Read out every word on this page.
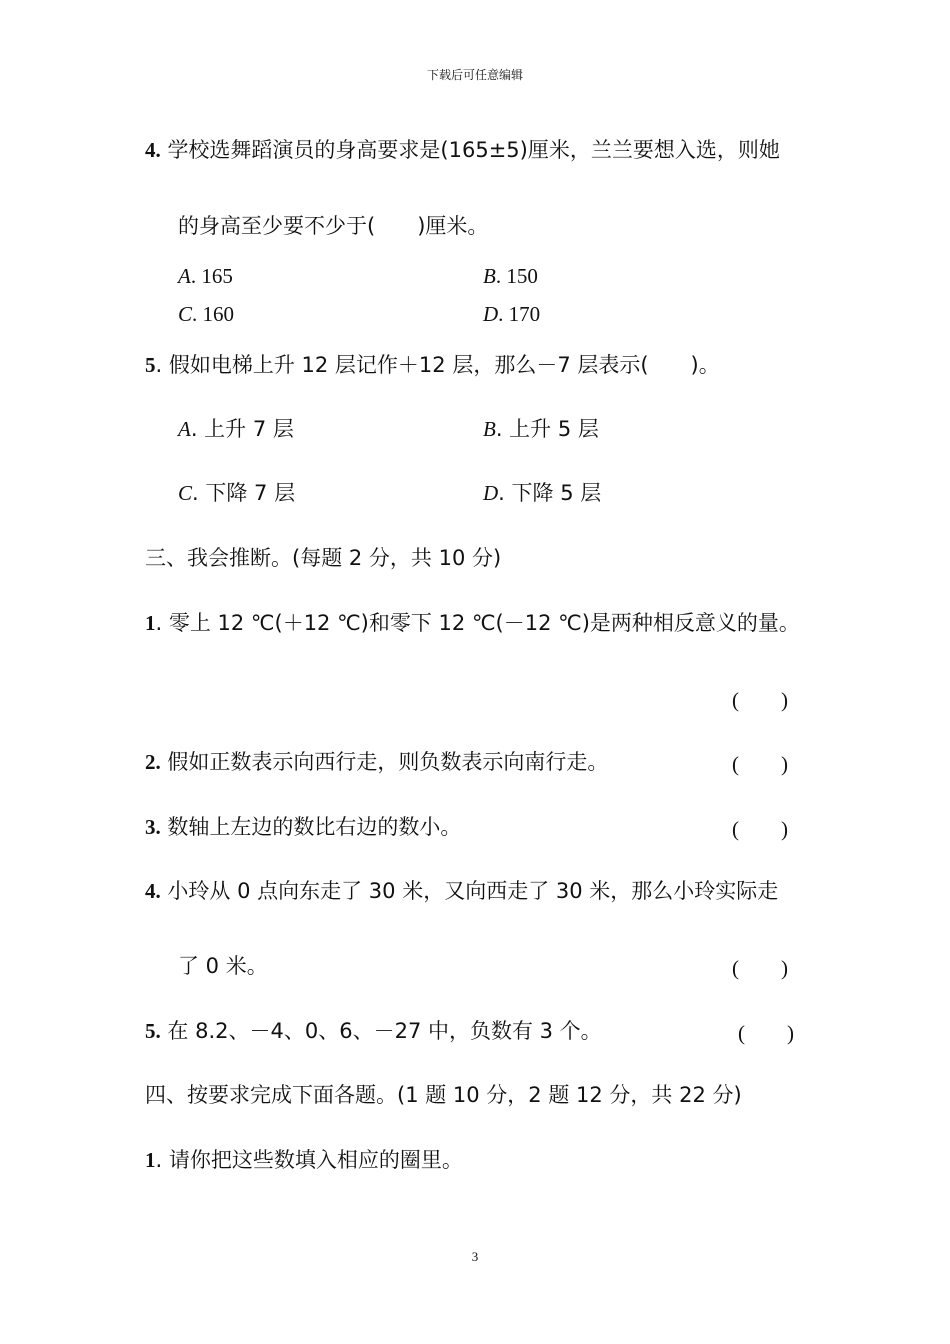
下载后可任意编辑
4. 学校选舞蹈演员的身高要求是(165±5)厘米，兰兰要想入选，则她
的身高至少要不少于(　　)厘米。
A. 165	B. 150
C. 160	D. 170
5. 假如电梯上升 12 层记作＋12 层，那么－7 层表示(　　)。
A. 上升 7 层	B. 上升 5 层
C. 下降 7 层	D. 下降 5 层
三、我会推断。(每题 2 分，共 10 分)
1. 零上 12 ℃(＋12 ℃)和零下 12 ℃(－12 ℃)是两种相反意义的量。
(　　)
2. 假如正数表示向西行走，则负数表示向南行走。	(　　)
3. 数轴上左边的数比右边的数小。	(　　)
4. 小玲从 0 点向东走了 30 米，又向西走了 30 米，那么小玲实际走
了 0 米。	(　　)
5. 在 8.2、－4、0、6、－27 中，负数有 3 个。	(　　)
四、按要求完成下面各题。(1 题 10 分，2 题 12 分，共 22 分)
1. 请你把这些数填入相应的圈里。
3
